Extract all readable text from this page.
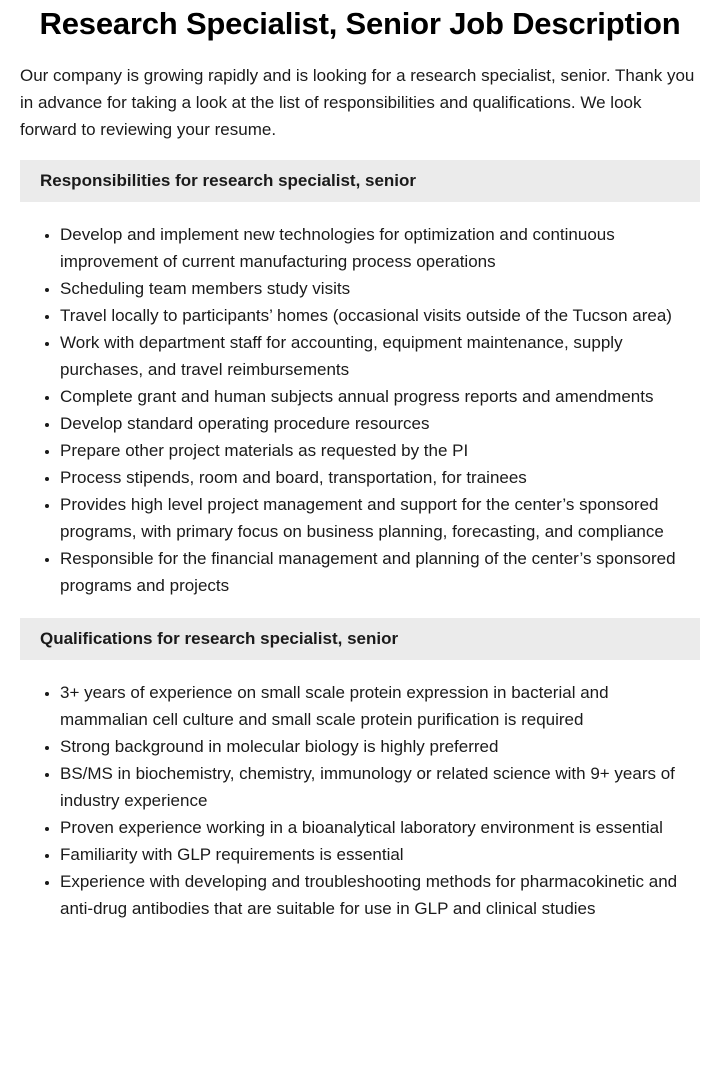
Research Specialist, Senior Job Description

Our company is growing rapidly and is looking for a research specialist, senior. Thank you in advance for taking a look at the list of responsibilities and qualifications. We look forward to reviewing your resume.

Responsibilities for research specialist, senior
• Develop and implement new technologies for optimization and continuous improvement of current manufacturing process operations
• Scheduling team members study visits
• Travel locally to participants’ homes (occasional visits outside of the Tucson area)
• Work with department staff for accounting, equipment maintenance, supply purchases, and travel reimbursements
• Complete grant and human subjects annual progress reports and amendments
• Develop standard operating procedure resources
• Prepare other project materials as requested by the PI
• Process stipends, room and board, transportation, for trainees
• Provides high level project management and support for the center’s sponsored programs, with primary focus on business planning, forecasting, and compliance
• Responsible for the financial management and planning of the center’s sponsored programs and projects
Qualifications for research specialist, senior
• 3+ years of experience on small scale protein expression in bacterial and mammalian cell culture and small scale protein purification is required
• Strong background in molecular biology is highly preferred
• BS/MS in biochemistry, chemistry, immunology or related science with 9+ years of industry experience
• Proven experience working in a bioanalytical laboratory environment is essential
• Familiarity with GLP requirements is essential
• Experience with developing and troubleshooting methods for pharmacokinetic and anti-drug antibodies that are suitable for use in GLP and clinical studies
